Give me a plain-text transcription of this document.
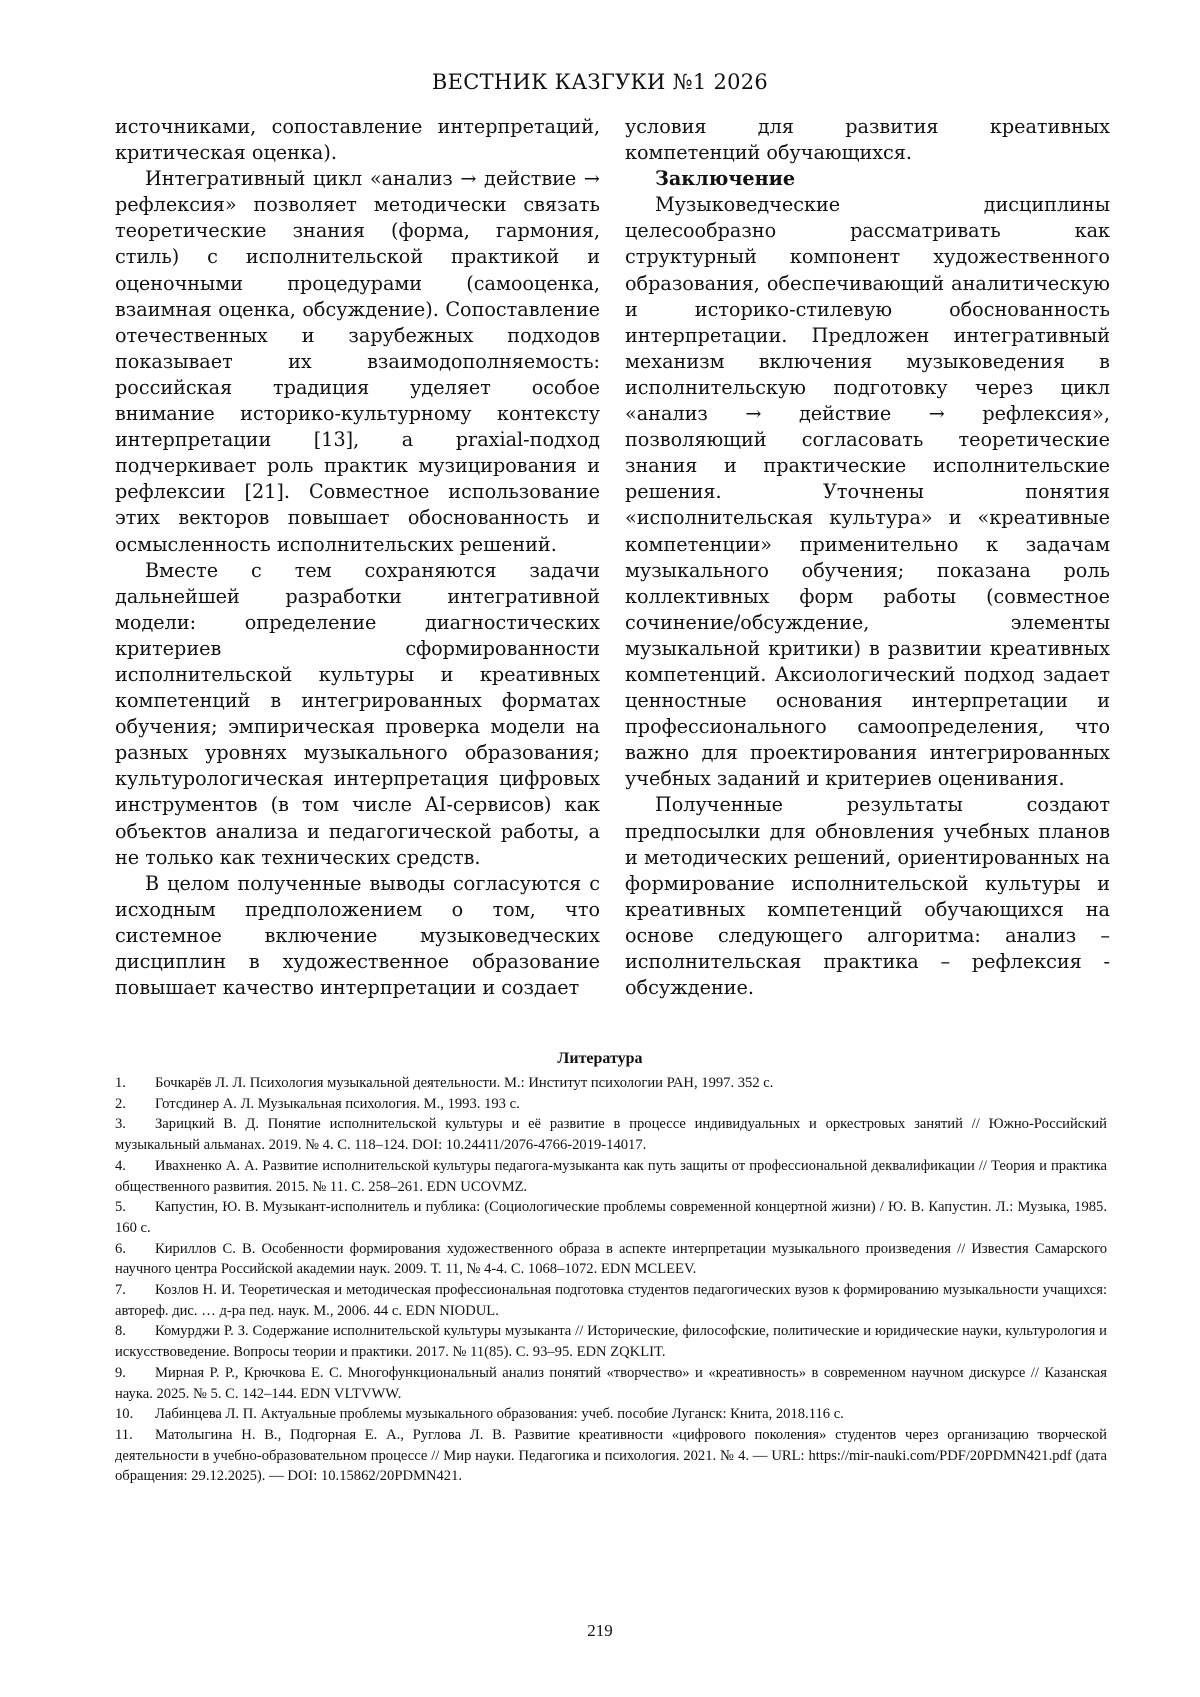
ВЕСТНИК КАЗГУКИ №1 2026

источниками, сопоставление интерпретаций, критическая оценка).

Интегративный цикл «анализ → действие → рефлексия» позволяет методически связать теоретические знания (форма, гармония, стиль) с исполнительской практикой и оценочными процедурами (самооценка, взаимная оценка, обсуждение). Сопоставление отечественных и зарубежных подходов показывает их взаимодополняемость: российская традиция уделяет особое внимание историко-культурному контексту интерпретации [13], а praxial-подход подчеркивает роль практик музицирования и рефлексии [21]. Совместное использование этих векторов повышает обоснованность и осмысленность исполнительских решений.

Вместе с тем сохраняются задачи дальнейшей разработки интегративной модели: определение диагностических критериев сформированности исполнительской культуры и креативных компетенций в интегрированных форматах обучения; эмпирическая проверка модели на разных уровнях музыкального образования; культурологическая интерпретация цифровых инструментов (в том числе AI-сервисов) как объектов анализа и педагогической работы, а не только как технических средств.

В целом полученные выводы согласуются с исходным предположением о том, что системное включение музыковедческих дисциплин в художественное образование повышает качество интерпретации и создает

условия для развития креативных компетенций обучающихся.

Заключение

Музыковедческие дисциплины целесообразно рассматривать как структурный компонент художественного образования, обеспечивающий аналитическую и историко-стилевую обоснованность интерпретации. Предложен интегративный механизм включения музыковедения в исполнительскую подготовку через цикл «анализ → действие → рефлексия», позволяющий согласовать теоретические знания и практические исполнительские решения. Уточнены понятия «исполнительская культура» и «креативные компетенции» применительно к задачам музыкального обучения; показана роль коллективных форм работы (совместное сочинение/обсуждение, элементы музыкальной критики) в развитии креативных компетенций. Аксиологический подход задает ценностные основания интерпретации и профессионального самоопределения, что важно для проектирования интегрированных учебных заданий и критериев оценивания.

Полученные результаты создают предпосылки для обновления учебных планов и методических решений, ориентированных на формирование исполнительской культуры и креативных компетенций обучающихся на основе следующего алгоритма: анализ – исполнительская практика – рефлексия - обсуждение.

Литература
1. Бочкарёв Л. Л. Психология музыкальной деятельности. М.: Институт психологии РАН, 1997. 352 с.
2. Готсдинер А. Л. Музыкальная психология. М., 1993. 193 с.
3. Зарицкий В. Д. Понятие исполнительской культуры и её развитие в процессе индивидуальных и оркестровых занятий // Южно-Российский музыкальный альманах. 2019. № 4. С. 118–124. DOI: 10.24411/2076-4766-2019-14017.
4. Ивахненко А. А. Развитие исполнительской культуры педагога-музыканта как путь защиты от профессиональной деквалификации // Теория и практика общественного развития. 2015. № 11. С. 258–261. EDN UCOVMZ.
5. Капустин, Ю. В. Музыкант-исполнитель и публика: (Социологические проблемы современной концертной жизни) / Ю. В. Капустин. Л.: Музыка, 1985. 160 с.
6. Кириллов С. В. Особенности формирования художественного образа в аспекте интерпретации музыкального произведения // Известия Самарского научного центра Российской академии наук. 2009. Т. 11, № 4-4. С. 1068–1072. EDN MCLEEV.
7. Козлов Н. И. Теоретическая и методическая профессиональная подготовка студентов педагогических вузов к формированию музыкальности учащихся: автореф. дис. … д-ра пед. наук. М., 2006. 44 с. EDN NIODUL.
8. Комурджи Р. З. Содержание исполнительской культуры музыканта // Исторические, философские, политические и юридические науки, культурология и искусствоведение. Вопросы теории и практики. 2017. № 11(85). С. 93–95. EDN ZQKLIT.
9. Мирная Р. Р., Крючкова Е. С. Многофункциональный анализ понятий «творчество» и «креативность» в современном научном дискурсе // Казанская наука. 2025. № 5. С. 142–144. EDN VLTVWW.
10. Лабинцева Л. П. Актуальные проблемы музыкального образования: учеб. пособие Луганск: Книта, 2018.116 с.
11. Матолыгина Н. В., Подгорная Е. А., Руглова Л. В. Развитие креативности «цифрового поколения» студентов через организацию творческой деятельности в учебно-образовательном процессе // Мир науки. Педагогика и психология. 2021. № 4. — URL: https://mir-nauki.com/PDF/20PDMN421.pdf (дата обращения: 29.12.2025). — DOI: 10.15862/20PDMN421.
219
